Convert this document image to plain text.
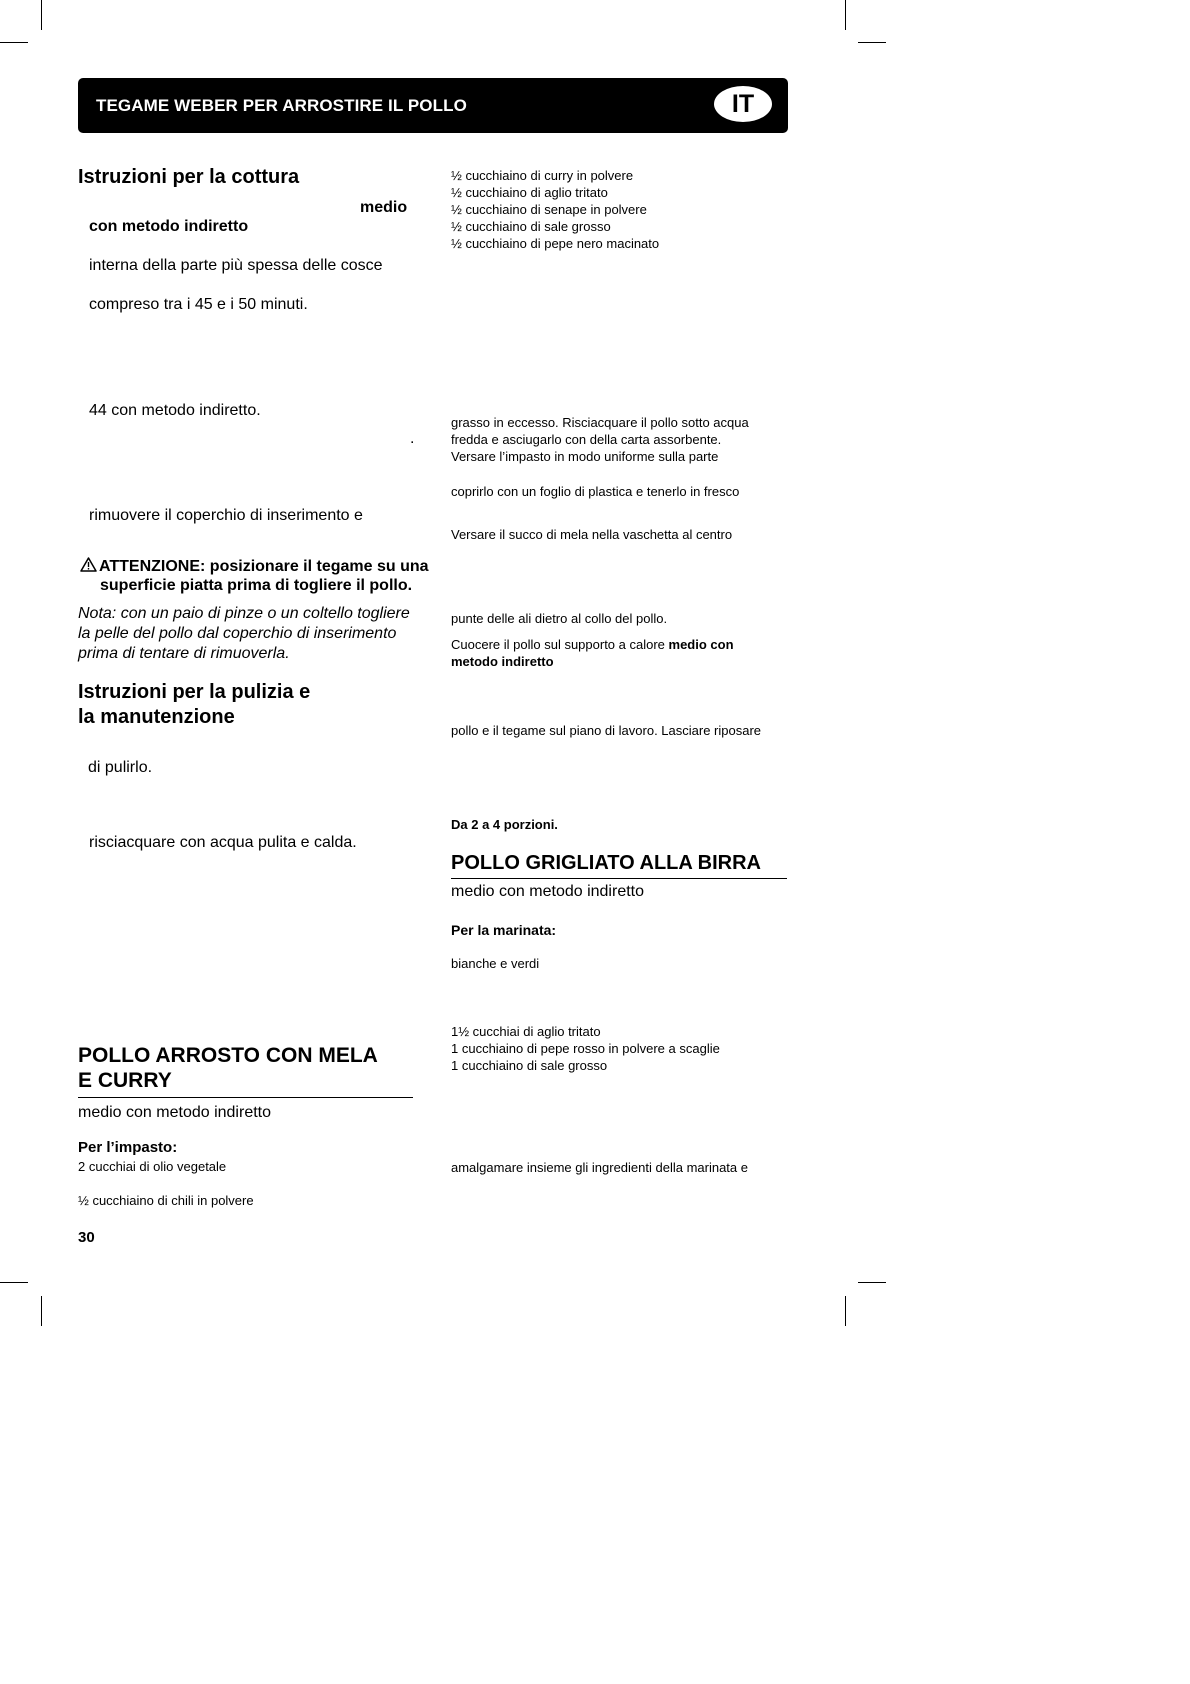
TEGAME WEBER PER ARROSTIRE IL POLLO	IT
Istruzioni per la cottura
medio
con metodo indiretto
interna della parte più spessa delle cosce
compreso tra i 45 e i 50 minuti.
44 con metodo indiretto.
.
rimuovere il coperchio di inserimento e
ATTENZIONE: posizionare il tegame su una
superficie piatta prima di togliere il pollo.
Nota: con un paio di pinze o un coltello togliere
la pelle del pollo dal coperchio di inserimento
prima di tentare di rimuoverla.
Istruzioni per la pulizia e
la manutenzione
di pulirlo.
risciacquare con acqua pulita e calda.
POLLO ARROSTO CON MELA
E CURRY
medio con metodo indiretto
Per l’impasto:
2 cucchiai di olio vegetale
½ cucchiaino di chili in polvere
30
½ cucchiaino di curry in polvere
½ cucchiaino di aglio tritato
½ cucchiaino di senape in polvere
½ cucchiaino di sale grosso
½ cucchiaino di pepe nero macinato
grasso in eccesso. Risciacquare il pollo sotto acqua
fredda e asciugarlo con della carta assorbente.
Versare l’impasto in modo uniforme sulla parte
coprirlo con un foglio di plastica e tenerlo in fresco
Versare il succo di mela nella vaschetta al centro
punte delle ali dietro al collo del pollo.
Cuocere il pollo sul supporto a calore medio con
metodo indiretto
pollo e il tegame sul piano di lavoro. Lasciare riposare
Da 2 a 4 porzioni.
POLLO GRIGLIATO ALLA BIRRA
medio con metodo indiretto
Per la marinata:
bianche e verdi
1½ cucchiai di aglio tritato
1 cucchiaino di pepe rosso in polvere a scaglie
1 cucchiaino di sale grosso
amalgamare insieme gli ingredienti della marinata e
